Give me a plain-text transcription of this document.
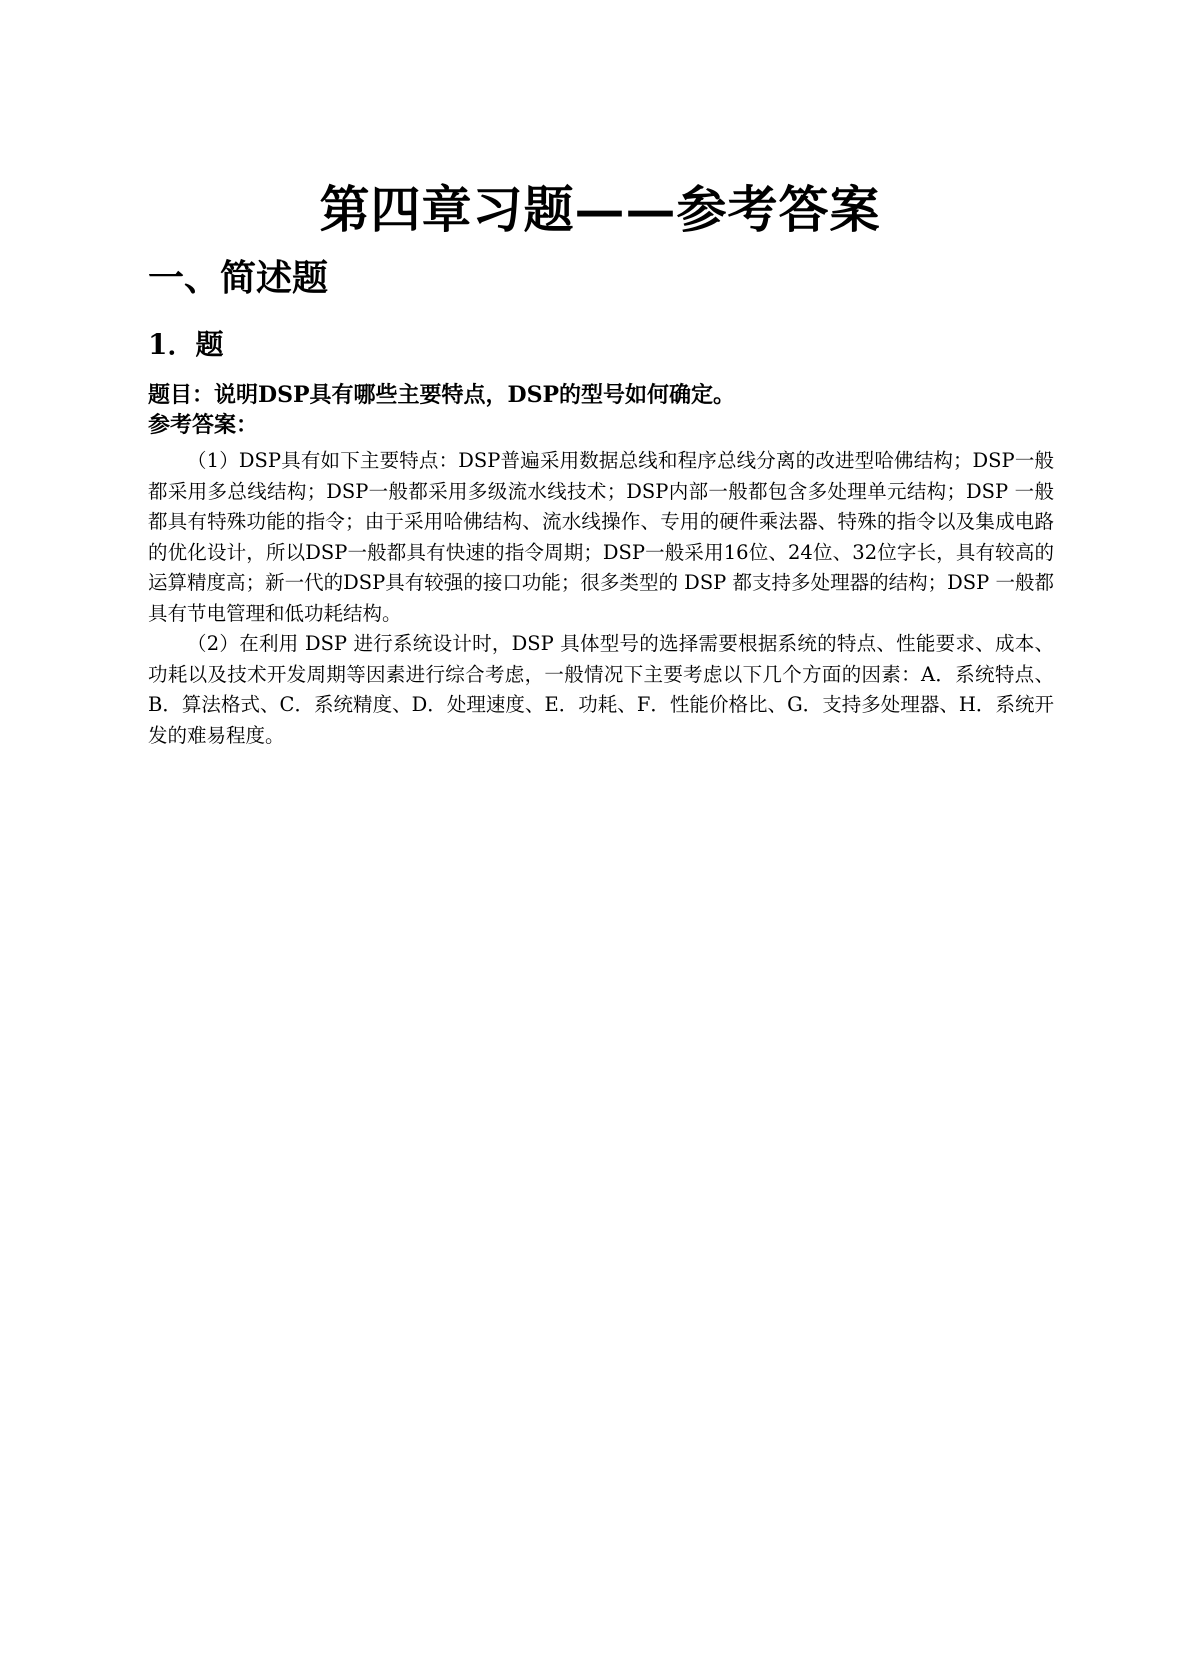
第四章习题——参考答案
一、简述题
1．题
题目：说明DSP具有哪些主要特点，DSP的型号如何确定。
参考答案：

（1）DSP具有如下主要特点：DSP普遍采用数据总线和程序总线分离的改进型哈佛结构；DSP一般都采用多总线结构；DSP一般都采用多级流水线技术；DSP内部一般都包含多处理单元结构；DSP 一般都具有特殊功能的指令；由于采用哈佛结构、流水线操作、专用的硬件乘法器、特殊的指令以及集成电路的优化设计，所以DSP一般都具有快速的指令周期；DSP一般采用16位、24位、32位字长，具有较高的运算精度高；新一代的DSP具有较强的接口功能；很多类型的 DSP 都支持多处理器的结构；DSP 一般都具有节电管理和低功耗结构。

（2）在利用 DSP 进行系统设计时，DSP 具体型号的选择需要根据系统的特点、性能要求、成本、功耗以及技术开发周期等因素进行综合考虑，一般情况下主要考虑以下几个方面的因素：A．系统特点、B．算法格式、C．系统精度、D．处理速度、E．功耗、F．性能价格比、G．支持多处理器、H．系统开发的难易程度。
